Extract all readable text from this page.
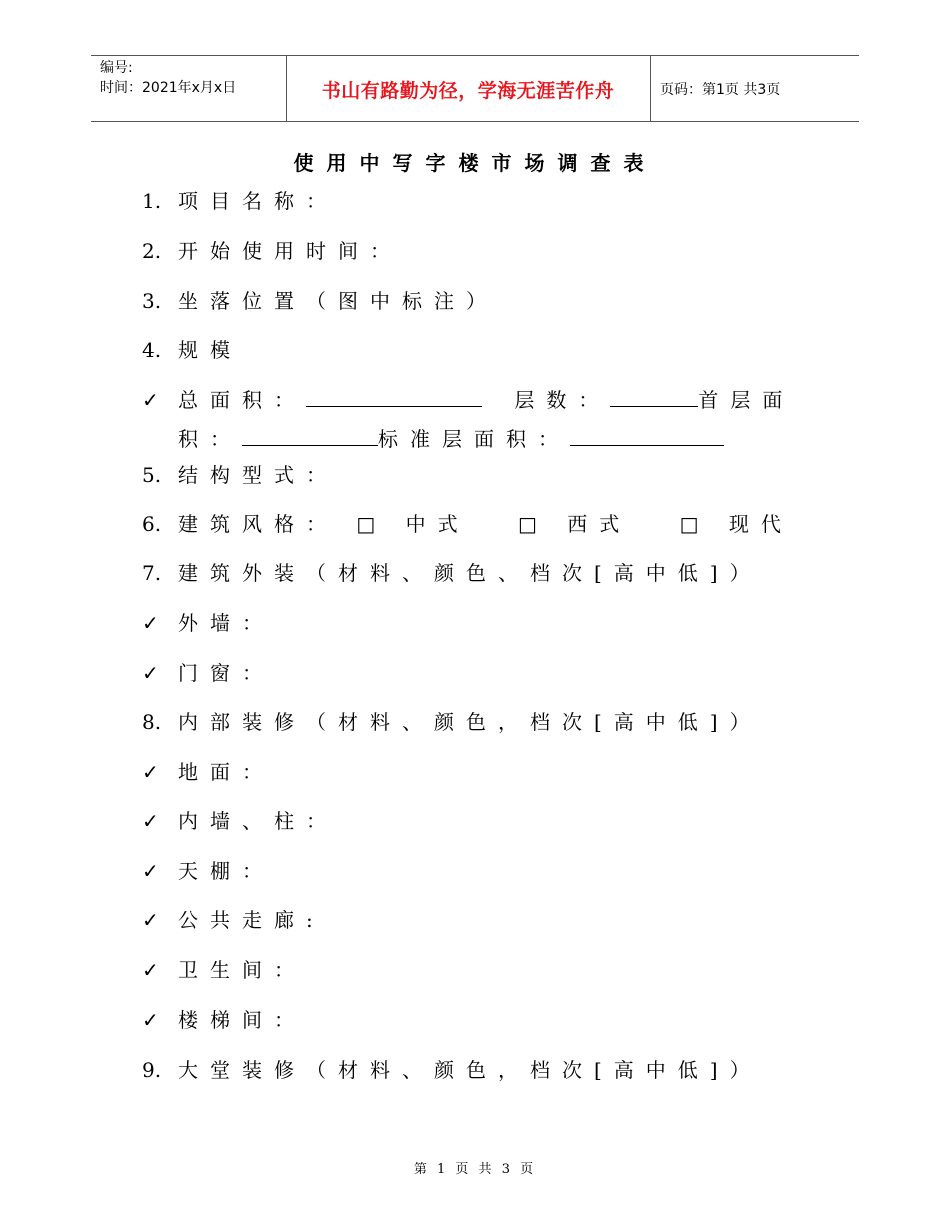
编号:
时间：2021年x月x日	书山有路勤为径，学海无涯苦作舟	页码：第1页 共3页
使用中写字楼市场调查表
1. 项目名称：
2. 开始使用时间：
3. 坐落位置（图中标注）
4. 规模
✓ 总面积：	层数：	首层面
积：	标准层面积：
5. 结构型式：
6. 建筑风格： □ 中式 □ 西式 □ 现代
7. 建筑外装（材料、颜色、档次[高中低]）
✓ 外墙：
✓ 门窗：
8. 内部装修（材料、颜色，档次[高中低]）
✓ 地面：
✓ 内墙、柱：
✓ 天棚：
✓ 公共走廊:
✓ 卫生间：
✓ 楼梯间：
9. 大堂装修（材料、颜色，档次[高中低]）
第 1 页 共 3 页
